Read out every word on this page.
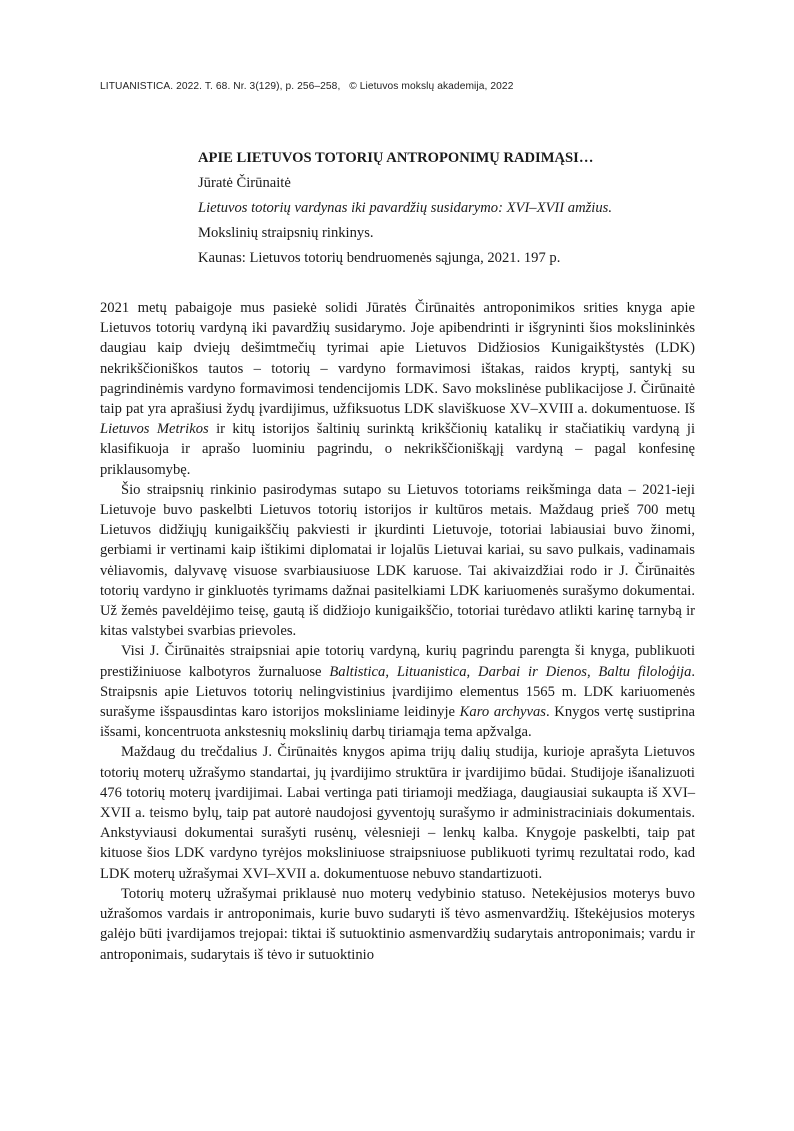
LITUANISTICA. 2022. T. 68. Nr. 3(129), p. 256–258, © Lietuvos mokslų akademija, 2022
APIE LIETUVOS TOTORIŲ ANTROPONIMŲ RADIMĄSI…
Jūratė Čirūnaitė
Lietuvos totorių vardynas iki pavardžių susidarymo: XVI–XVII amžius.
Mokslinių straipsnių rinkinys.
Kaunas: Lietuvos totorių bendruomenės sąjunga, 2021. 197 p.

2021 metų pabaigoje mus pasiekė solidi Jūratės Čirūnaitės antroponimikos srities knyga apie Lietuvos totorių vardyną iki pavardžių susidarymo. Joje apibendrinti ir išgryninti šios mokslininkės daugiau kaip dviejų dešimtmečių tyrimai apie Lietuvos Didžiosios Kunigaikštystės (LDK) nekrikščioniškos tautos – totorių – vardyno formavimosi ištakas, raidos kryptį, santykį su pagrindinėmis vardyno formavimosi tendencijomis LDK. Savo mokslinėse publikacijose J. Čirūnaitė taip pat yra aprašiusi žydų įvardijimus, užfiksuotus LDK slaviškuose XV–XVIII a. dokumentuose. Iš Lietuvos Metrikos ir kitų istorijos šaltinių surinktą krikščionių katalikų ir stačiatikių vardyną ji klasifikuoja ir aprašo luominiu pagrindu, o nekrikščioniškąjį vardyną – pagal konfesinę priklausomybę.

Šio straipsnių rinkinio pasirodymas sutapo su Lietuvos totoriams reikšminga data – 2021-ieji Lietuvoje buvo paskelbti Lietuvos totorių istorijos ir kultūros metais. Maždaug prieš 700 metų Lietuvos didžiųjų kunigaikščių pakviesti ir įkurdinti Lietuvoje, totoriai labiausiai buvo žinomi, gerbiami ir vertinami kaip ištikimi diplomatai ir lojalūs Lietuvai kariai, su savo pulkais, vadinamais vėliavomis, dalyvavę visuose svarbiausiuose LDK karuose. Tai akivaizdžiai rodo ir J. Čirūnaitės totorių vardyno ir ginkluotės tyrimams dažnai pasitelkiami LDK kariuomenės surašymo dokumentai. Už žemės paveldėjimo teisę, gautą iš didžiojo kunigaikščio, totoriai turėdavo atlikti karinę tarnybą ir kitas valstybei svarbias prievoles.

Visi J. Čirūnaitės straipsniai apie totorių vardyną, kurių pagrindu parengta ši knyga, publikuoti prestižiniuose kalbotyros žurnaluose Baltistica, Lituanistica, Darbai ir Dienos, Baltu filoloģija. Straipsnis apie Lietuvos totorių nelingvistinius įvardijimo elementus 1565 m. LDK kariuomenės surašyme išspausdintas karo istorijos moksliniame leidinyje Karo archyvas. Knygos vertę sustiprina išsami, koncentruota ankstesnių mokslinių darbų tiriamąja tema apžvalga.

Maždaug du trečdalius J. Čirūnaitės knygos apima trijų dalių studija, kurioje aprašyta Lietuvos totorių moterų užrašymo standartai, jų įvardijimo struktūra ir įvardijimo būdai. Studijoje išanalizuoti 476 totorių moterų įvardijimai. Labai vertinga pati tiriamoji medžiaga, daugiausiai sukaupta iš XVI–XVII a. teismo bylų, taip pat autorė naudojosi gyventojų surašymo ir administraciniais dokumentais. Ankstyviausi dokumentai surašyti rusėnų, vėlesnieji – lenkų kalba. Knygoje paskelbti, taip pat kituose šios LDK vardyno tyrėjos moksliniuose straipsniuose publikuoti tyrimų rezultatai rodo, kad LDK moterų užrašymai XVI–XVII a. dokumentuose nebuvo standartizuoti.

Totorių moterų užrašymai priklausė nuo moterų vedybinio statuso. Netekėjusios moterys buvo užrašomos vardais ir antroponimais, kurie buvo sudaryti iš tėvo asmenvardžių. Ištekėjusios moterys galėjo būti įvardijamos trejopai: tiktai iš sutuoktinio asmenvardžių sudarytais antroponimais; vardu ir antroponimais, sudarytais iš tėvo ir sutuoktinio
